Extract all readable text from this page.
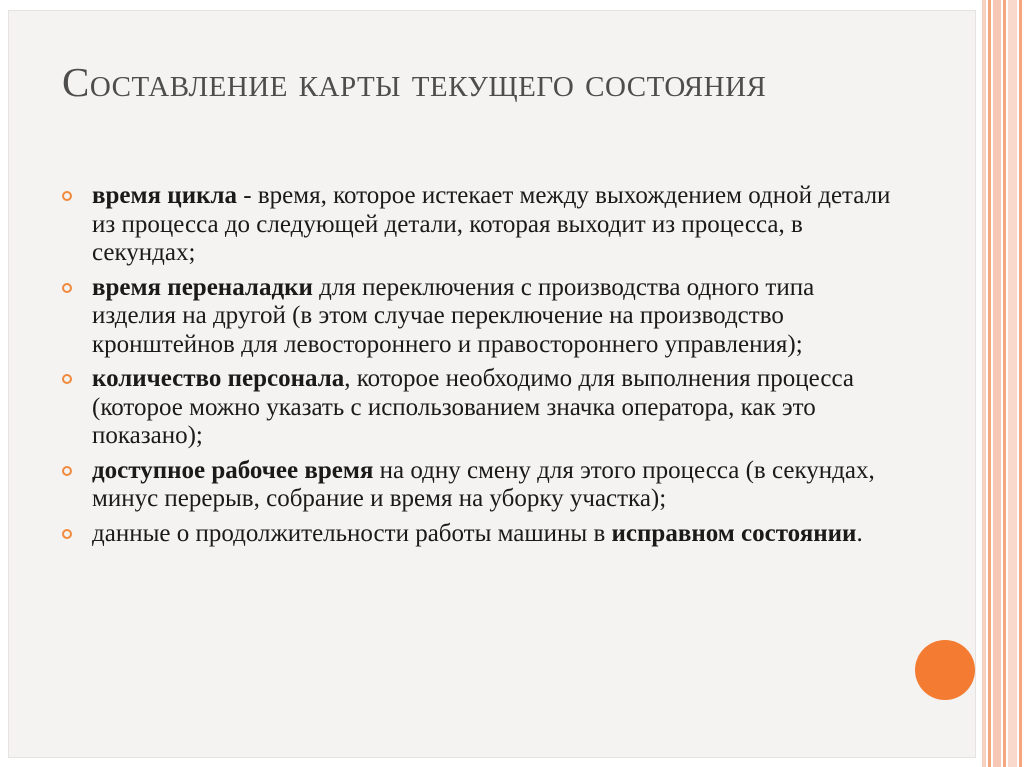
Составление карты текущего состояния
время цикла - время, которое истекает между выхождением одной детали из процесса до следующей детали, которая выходит из процесса, в секундах;
время переналадки для переключения с производства одного типа изделия на другой (в этом случае переключение на производство кронштейнов для левостороннего и правостороннего управления);
количество персонала, которое необходимо для выполнения процесса (которое можно указать с использованием значка оператора, как это показано);
доступное рабочее время на одну смену для этого процесса (в секундах, минус перерыв, собрание и время на уборку участка);
данные о продолжительности работы машины в исправном состоянии.
